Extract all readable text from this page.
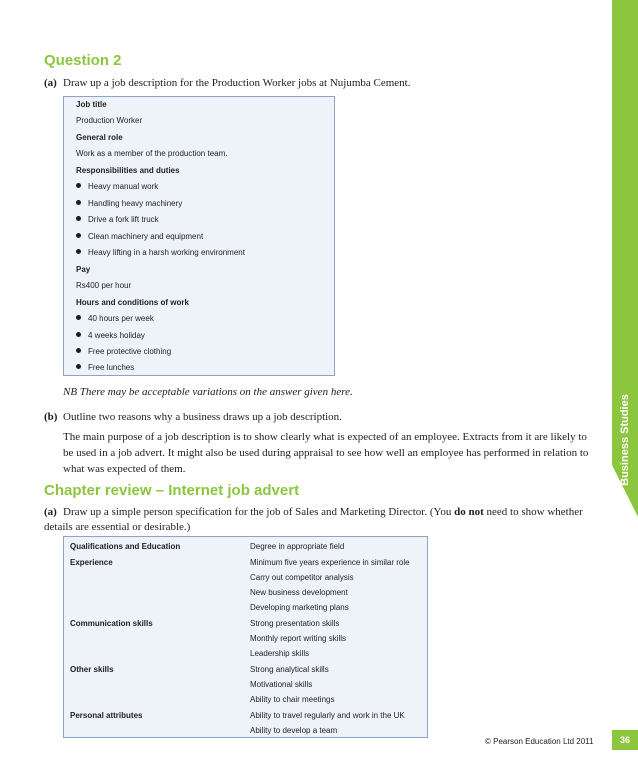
Business Studies
Question 2
(a) Draw up a job description for the Production Worker jobs at Nujumba Cement.
Job title
Production Worker
General role
Work as a member of the production team.
Responsibilities and duties
Heavy manual work
Handling heavy machinery
Drive a fork lift truck
Clean machinery and equipment
Heavy lifting in a harsh working environment
Pay
Rs400 per hour
Hours and conditions of work
40 hours per week
4 weeks holiday
Free protective clothing
Free lunches
NB There may be acceptable variations on the answer given here.
(b) Outline two reasons why a business draws up a job description.
The main purpose of a job description is to show clearly what is expected of an employee. Extracts from it are likely to be used in a job advert. It might also be used during appraisal to see how well an employee has performed in relation to what was expected of them.
Chapter review – Internet job advert
(a) Draw up a simple person specification for the job of Sales and Marketing Director. (You do not need to show whether details are essential or desirable.)
Qualifications and Education	Degree in appropriate field
Experience	Minimum five years experience in similar role
Carry out competitor analysis
New business development
Developing marketing plans
Communication skills	Strong presentation skills
Monthly report writing skills
Leadership skills
Other skills	Strong analytical skills
Motivational skills
Ability to chair meetings
Personal attributes	Ability to travel regularly and work in the UK
Ability to develop a team
© Pearson Education Ltd 2011	36
